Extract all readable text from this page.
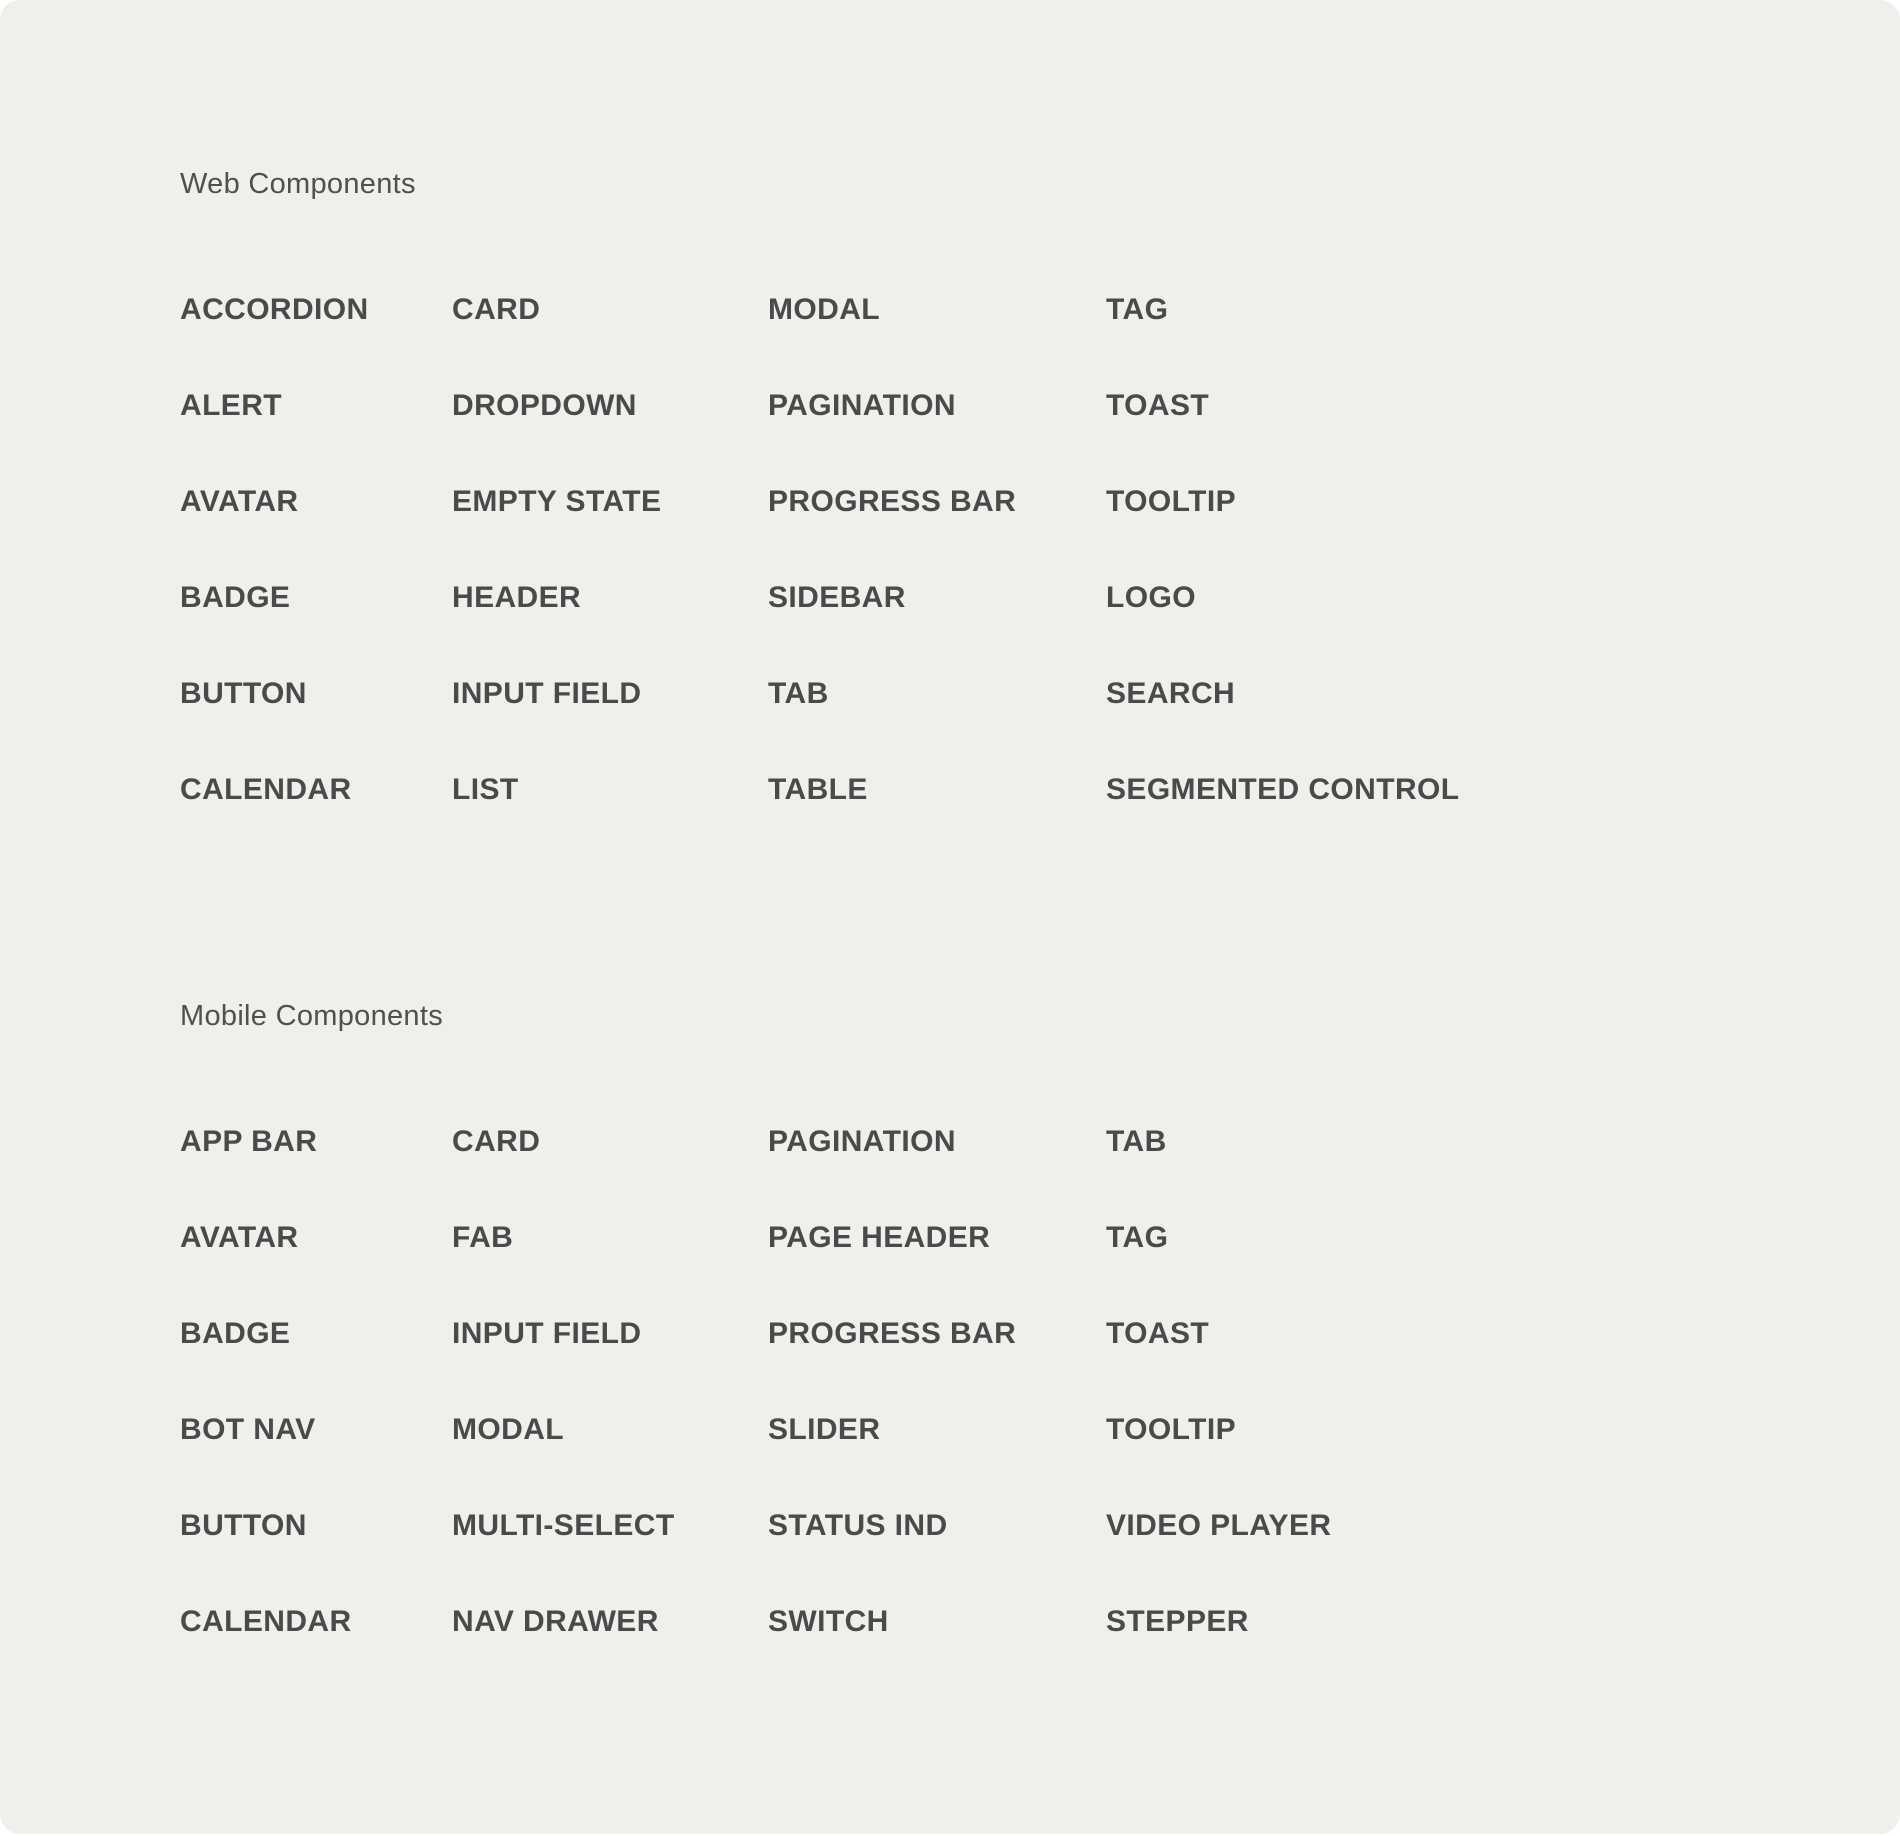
Web Components
ACCORDION	CARD	MODAL	TAG
ALERT	DROPDOWN	PAGINATION	TOAST
AVATAR	EMPTY STATE	PROGRESS BAR	TOOLTIP
BADGE	HEADER	SIDEBAR	LOGO
BUTTON	INPUT FIELD	TAB	SEARCH
CALENDAR	LIST	TABLE	SEGMENTED CONTROL
Mobile Components
APP BAR	CARD	PAGINATION	TAB
AVATAR	FAB	PAGE HEADER	TAG
BADGE	INPUT FIELD	PROGRESS BAR	TOAST
BOT NAV	MODAL	SLIDER	TOOLTIP
BUTTON	MULTI-SELECT	STATUS IND	VIDEO PLAYER
CALENDAR	NAV DRAWER	SWITCH	STEPPER
